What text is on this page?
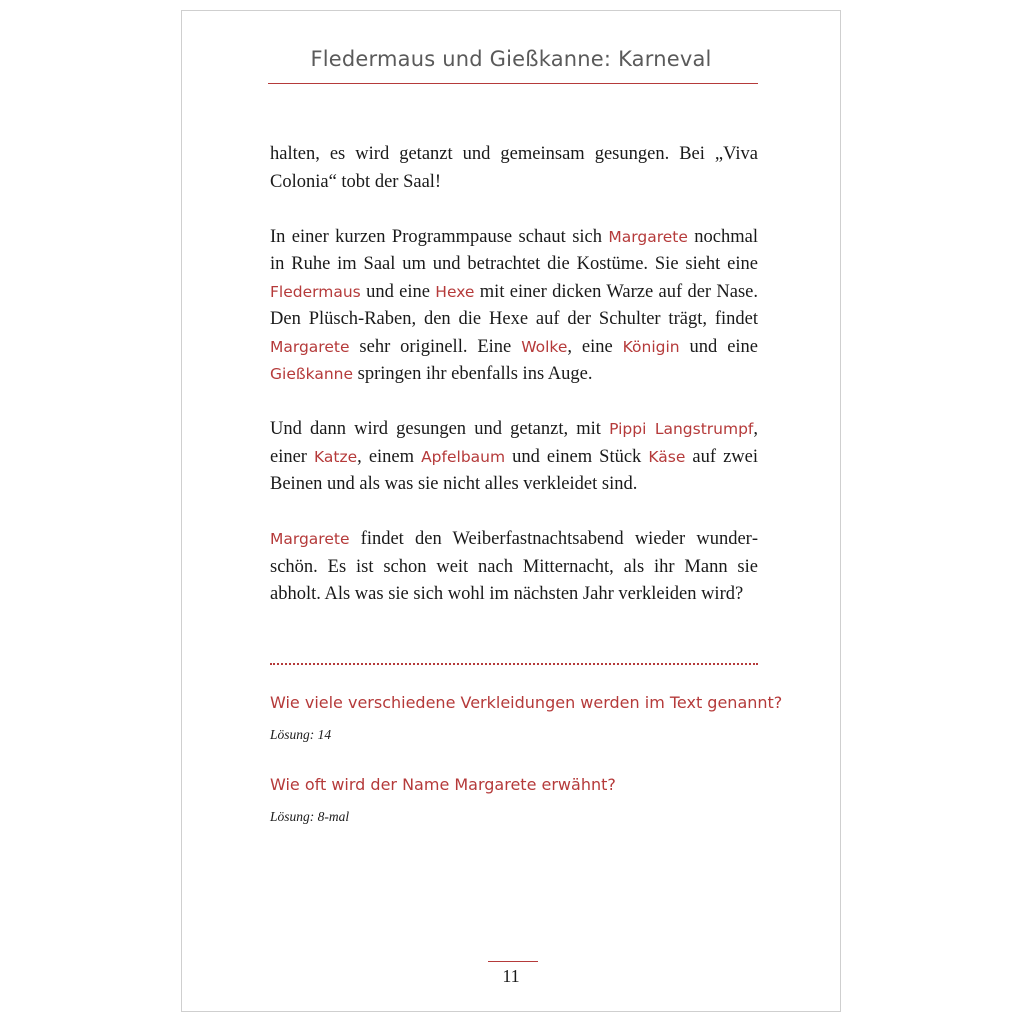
Fledermaus und Gießkanne: Karneval

halten, es wird getanzt und gemeinsam gesungen. Bei „Viva Colonia“ tobt der Saal!

In einer kurzen Programmpause schaut sich Margarete nochmal in Ruhe im Saal um und betrachtet die Kostüme. Sie sieht eine Fledermaus und eine Hexe mit einer dicken Warze auf der Nase. Den Plüsch-Raben, den die Hexe auf der Schulter trägt, findet Margarete sehr originell. Eine Wolke, eine Königin und eine Gießkanne springen ihr ebenfalls ins Auge.

Und dann wird gesungen und getanzt, mit Pippi Langstrumpf, einer Katze, einem Apfelbaum und einem Stück Käse auf zwei Beinen und als was sie nicht alles verkleidet sind.

Margarete findet den Weiberfastnachtsabend wieder wunderschön. Es ist schon weit nach Mitternacht, als ihr Mann sie abholt. Als was sie sich wohl im nächsten Jahr verkleiden wird?

Wie viele verschiedene Verkleidungen werden im Text genannt?
Lösung: 14
Wie oft wird der Name Margarete erwähnt?
Lösung: 8-mal
11
